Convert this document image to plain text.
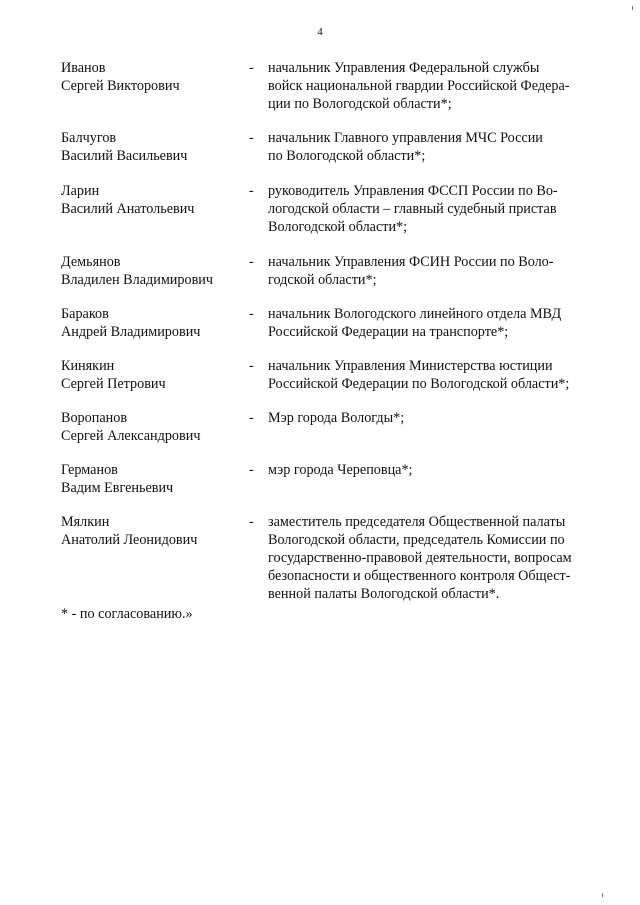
4
Иванов
Сергей Викторович
- начальник Управления Федеральной службы
войск национальной гвардии Российской Федера-
ции по Вологодской области*;
Балчугов
Василий Васильевич
- начальник Главного управления МЧС России
по Вологодской области*;
Ларин
Василий Анатольевич
- руководитель Управления ФССП России по Во-
логодской области – главный судебный пристав
Вологодской области*;
Демьянов
Владилен Владимирович
- начальник Управления ФСИН России по Воло-
годской области*;
Бараков
Андрей Владимирович
- начальник Вологодского линейного отдела МВД
Российской Федерации на транспорте*;
Кинякин
Сергей Петрович
- начальник Управления Министерства юстиции
Российской Федерации по Вологодской области*;
Воропанов
Сергей Александрович
- Мэр города Вологды*;
Германов
Вадим Евгеньевич
- мэр города Череповца*;
Мялкин
Анатолий Леонидович
- заместитель председателя Общественной палаты
Вологодской области, председатель Комиссии по
государственно-правовой деятельности, вопросам
безопасности и общественного контроля Общест-
венной палаты Вологодской области*.
* - по согласованию.»
